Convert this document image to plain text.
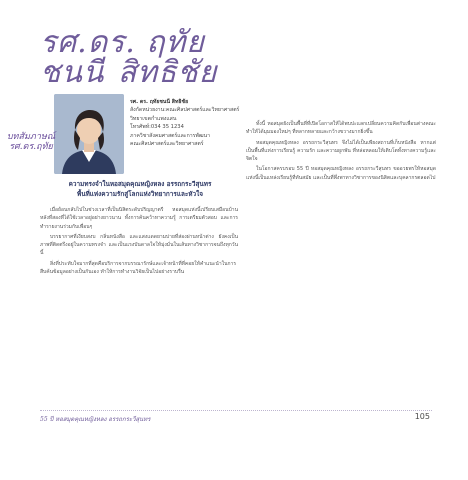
รศ.ดร. ฤทัยชนนี สิทธิชัย
บทสัมภาษณ์
รศ.ดร.ฤทัย
รศ. ดร. ฤทัยชนนี สิทธิชัย
สังกัดหน่วยงาน:คณะศิลปศาสตร์และวิทยาศาสตร์
วิทยาเขตกำแพงแสน
โทรศัพท์:034 35 1234
ภาควิชาสังคมศาสตร์และการพัฒนา
คณะศิลปศาสตร์และวิทยาศาสตร์
ความทรงจำในหอสมุดคุณหญิงหลง อรรถกระวีสุนทร
พื้นที่แห่งความรักสู่โลกแห่งวิทยาการและหัวใจ

เมื่อย้อนกลับไปในช่วงเวลาที่เป็นนิสิตระดับปริญญาตรี หอสมุดแห่งนี้เปรียบเสมือนบ้านหลังที่สองที่ได้ใช้เวลาอยู่อย่างยาวนาน ทั้งการค้นคว้าหาความรู้ การเตรียมตัวสอบ และการทำรายงานร่วมกับเพื่อนๆ

บรรยากาศที่เงียบสงบ กลิ่นหนังสือ และแสงแดดยามบ่ายที่ส่องผ่านหน้าต่าง ยังคงเป็นภาพที่ติดตรึงอยู่ในความทรงจำ และเป็นแรงบันดาลใจให้มุ่งมั่นในเส้นทางวิชาการจนถึงทุกวันนี้

สิ่งที่ประทับใจมากที่สุดคือบริการจากบรรณารักษ์และเจ้าหน้าที่ที่คอยให้คำแนะนำในการสืบค้นข้อมูลอย่างเป็นกันเอง ทำให้การทำงานวิจัยเป็นไปอย่างราบรื่น

ทั้งนี้ หอสมุดยังเป็นพื้นที่ที่เปิดโอกาสให้ได้พบปะแลกเปลี่ยนความคิดกับเพื่อนต่างคณะ ทำให้ได้มุมมองใหม่ๆ ที่หลากหลายและกว้างขวางมากยิ่งขึ้น

หอสมุดคุณหญิงหลง อรรถกระวีสุนทร จึงไม่ได้เป็นเพียงสถานที่เก็บหนังสือ หากแต่เป็นพื้นที่แห่งการเรียนรู้ ความรัก และความผูกพัน ที่หล่อหลอมให้เติบโตทั้งทางความรู้และจิตใจ

ในโอกาสครบรอบ 55 ปี หอสมุดคุณหญิงหลง อรรถกระวีสุนทร ขออวยพรให้หอสมุดแห่งนี้เป็นแหล่งเรียนรู้ที่ทันสมัย และเป็นที่พึ่งพาทางวิชาการของนิสิตและบุคลากรตลอดไป

55 ปี หอสมุดคุณหญิงหลง อรรถกระวีสุนทร	105
